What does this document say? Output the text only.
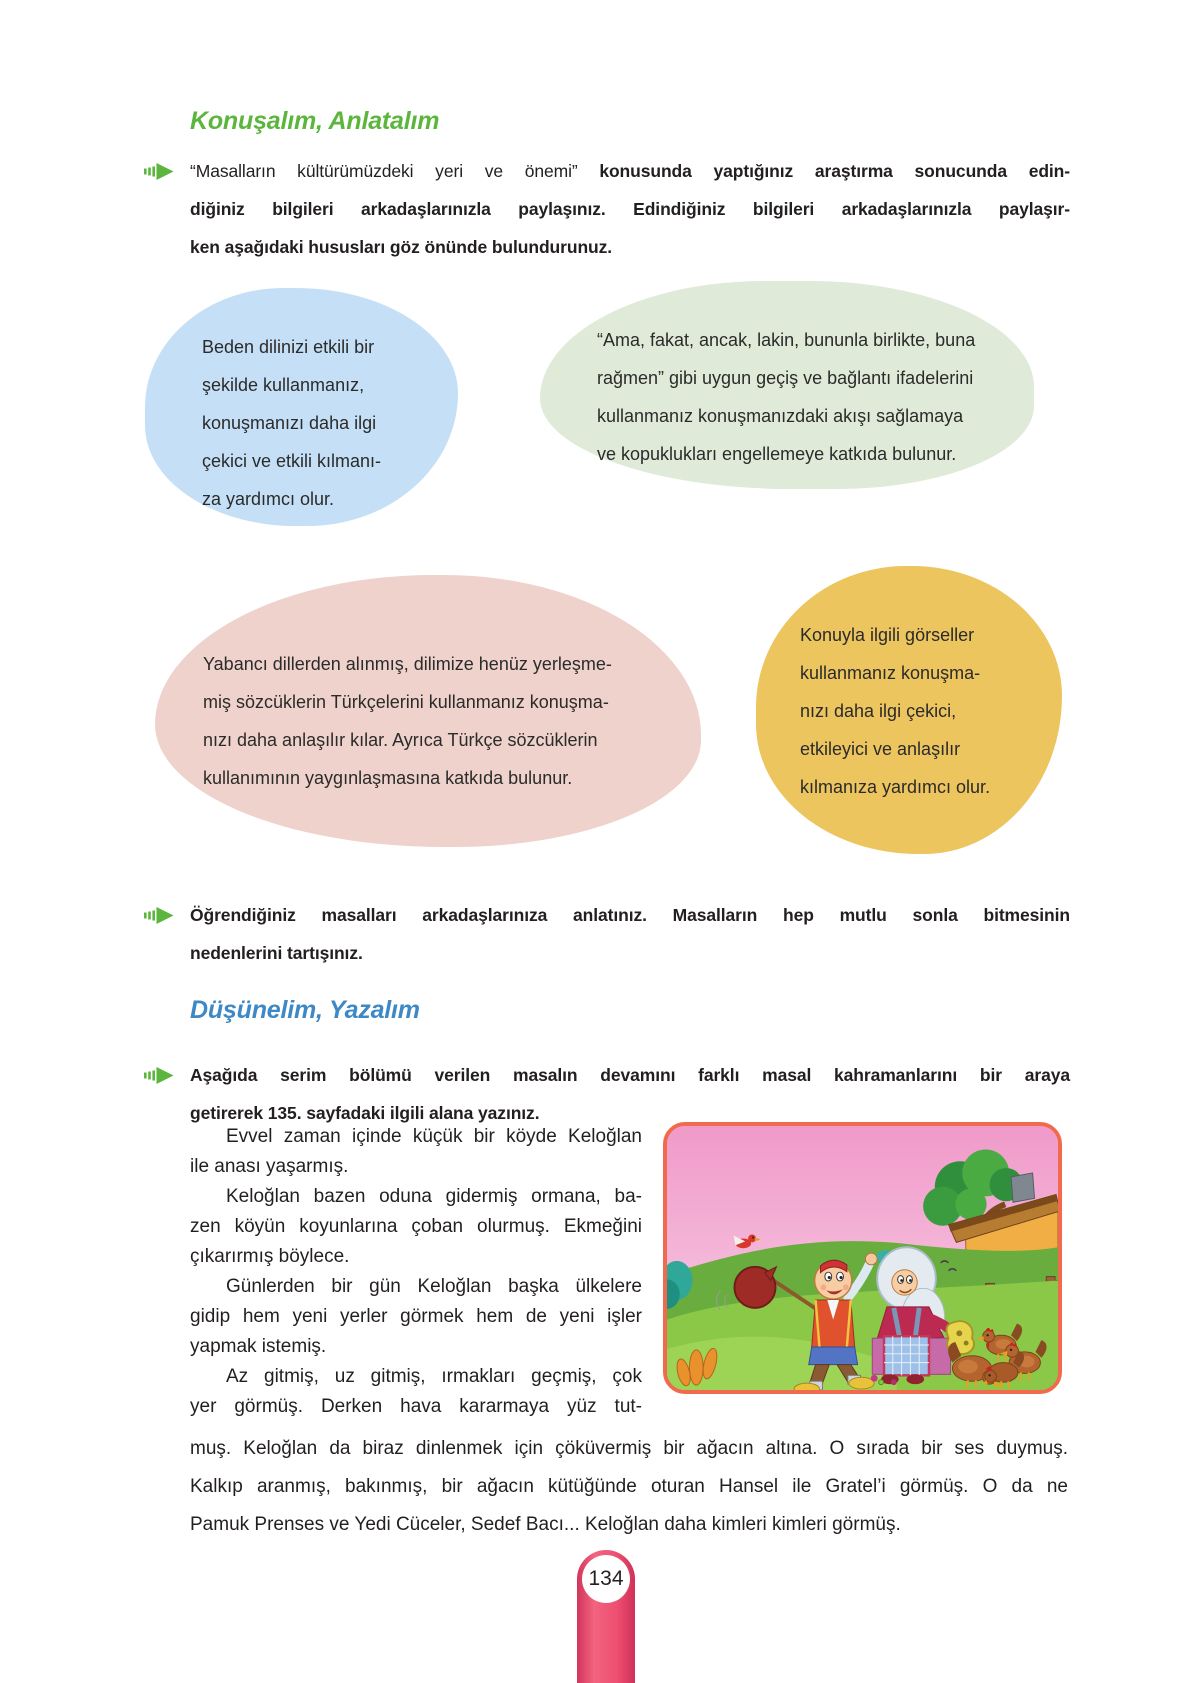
Konuşalım, Anlatalım
“Masalların kültürümüzdeki yeri ve önemi” konusunda yaptığınız araştırma sonucunda edin-
diğiniz bilgileri arkadaşlarınızla paylaşınız. Edindiğiniz bilgileri arkadaşlarınızla paylaşır-
ken aşağıdaki hususları göz önünde bulundurunuz.
Beden dilinizi etkili bir
şekilde kullanmanız,
konuşmanızı daha ilgi
çekici ve etkili kılmanı-
za yardımcı olur.
“Ama, fakat, ancak, lakin, bununla birlikte, buna
rağmen” gibi uygun geçiş ve bağlantı ifadelerini
kullanmanız konuşmanızdaki akışı sağlamaya
ve kopuklukları engellemeye katkıda bulunur.
Yabancı dillerden alınmış, dilimize henüz yerleşme-
miş sözcüklerin Türkçelerini kullanmanız konuşma-
nızı daha anlaşılır kılar. Ayrıca Türkçe sözcüklerin
kullanımının yaygınlaşmasına katkıda bulunur.
Konuyla ilgili görseller
kullanmanız konuşma-
nızı daha ilgi çekici,
etkileyici ve anlaşılır
kılmanıza yardımcı olur.
Öğrendiğiniz masalları arkadaşlarınıza anlatınız. Masalların hep mutlu sonla bitmesinin
nedenlerini tartışınız.
Düşünelim, Yazalım
Aşağıda serim bölümü verilen masalın devamını farklı masal kahramanlarını bir araya
getirerek 135. sayfadaki ilgili alana yazınız.
Evvel zaman içinde küçük bir köyde Keloğlan
ile anası yaşarmış.
Keloğlan bazen oduna gidermiş ormana, ba-
zen köyün koyunlarına çoban olurmuş. Ekmeğini
çıkarırmış böylece.
Günlerden bir gün Keloğlan başka ülkelere
gidip hem yeni yerler görmek hem de yeni işler
yapmak istemiş.
Az gitmiş, uz gitmiş, ırmakları geçmiş, çok
yer görmüş. Derken hava kararmaya yüz tut-
muş. Keloğlan da biraz dinlenmek için çöküvermiş bir ağacın altına. O sırada bir ses duymuş.
Kalkıp aranmış, bakınmış, bir ağacın kütüğünde oturan Hansel ile Gratel’i görmüş. O da ne
Pamuk Prenses ve Yedi Cüceler, Sedef Bacı... Keloğlan daha kimleri kimleri görmüş.
134
